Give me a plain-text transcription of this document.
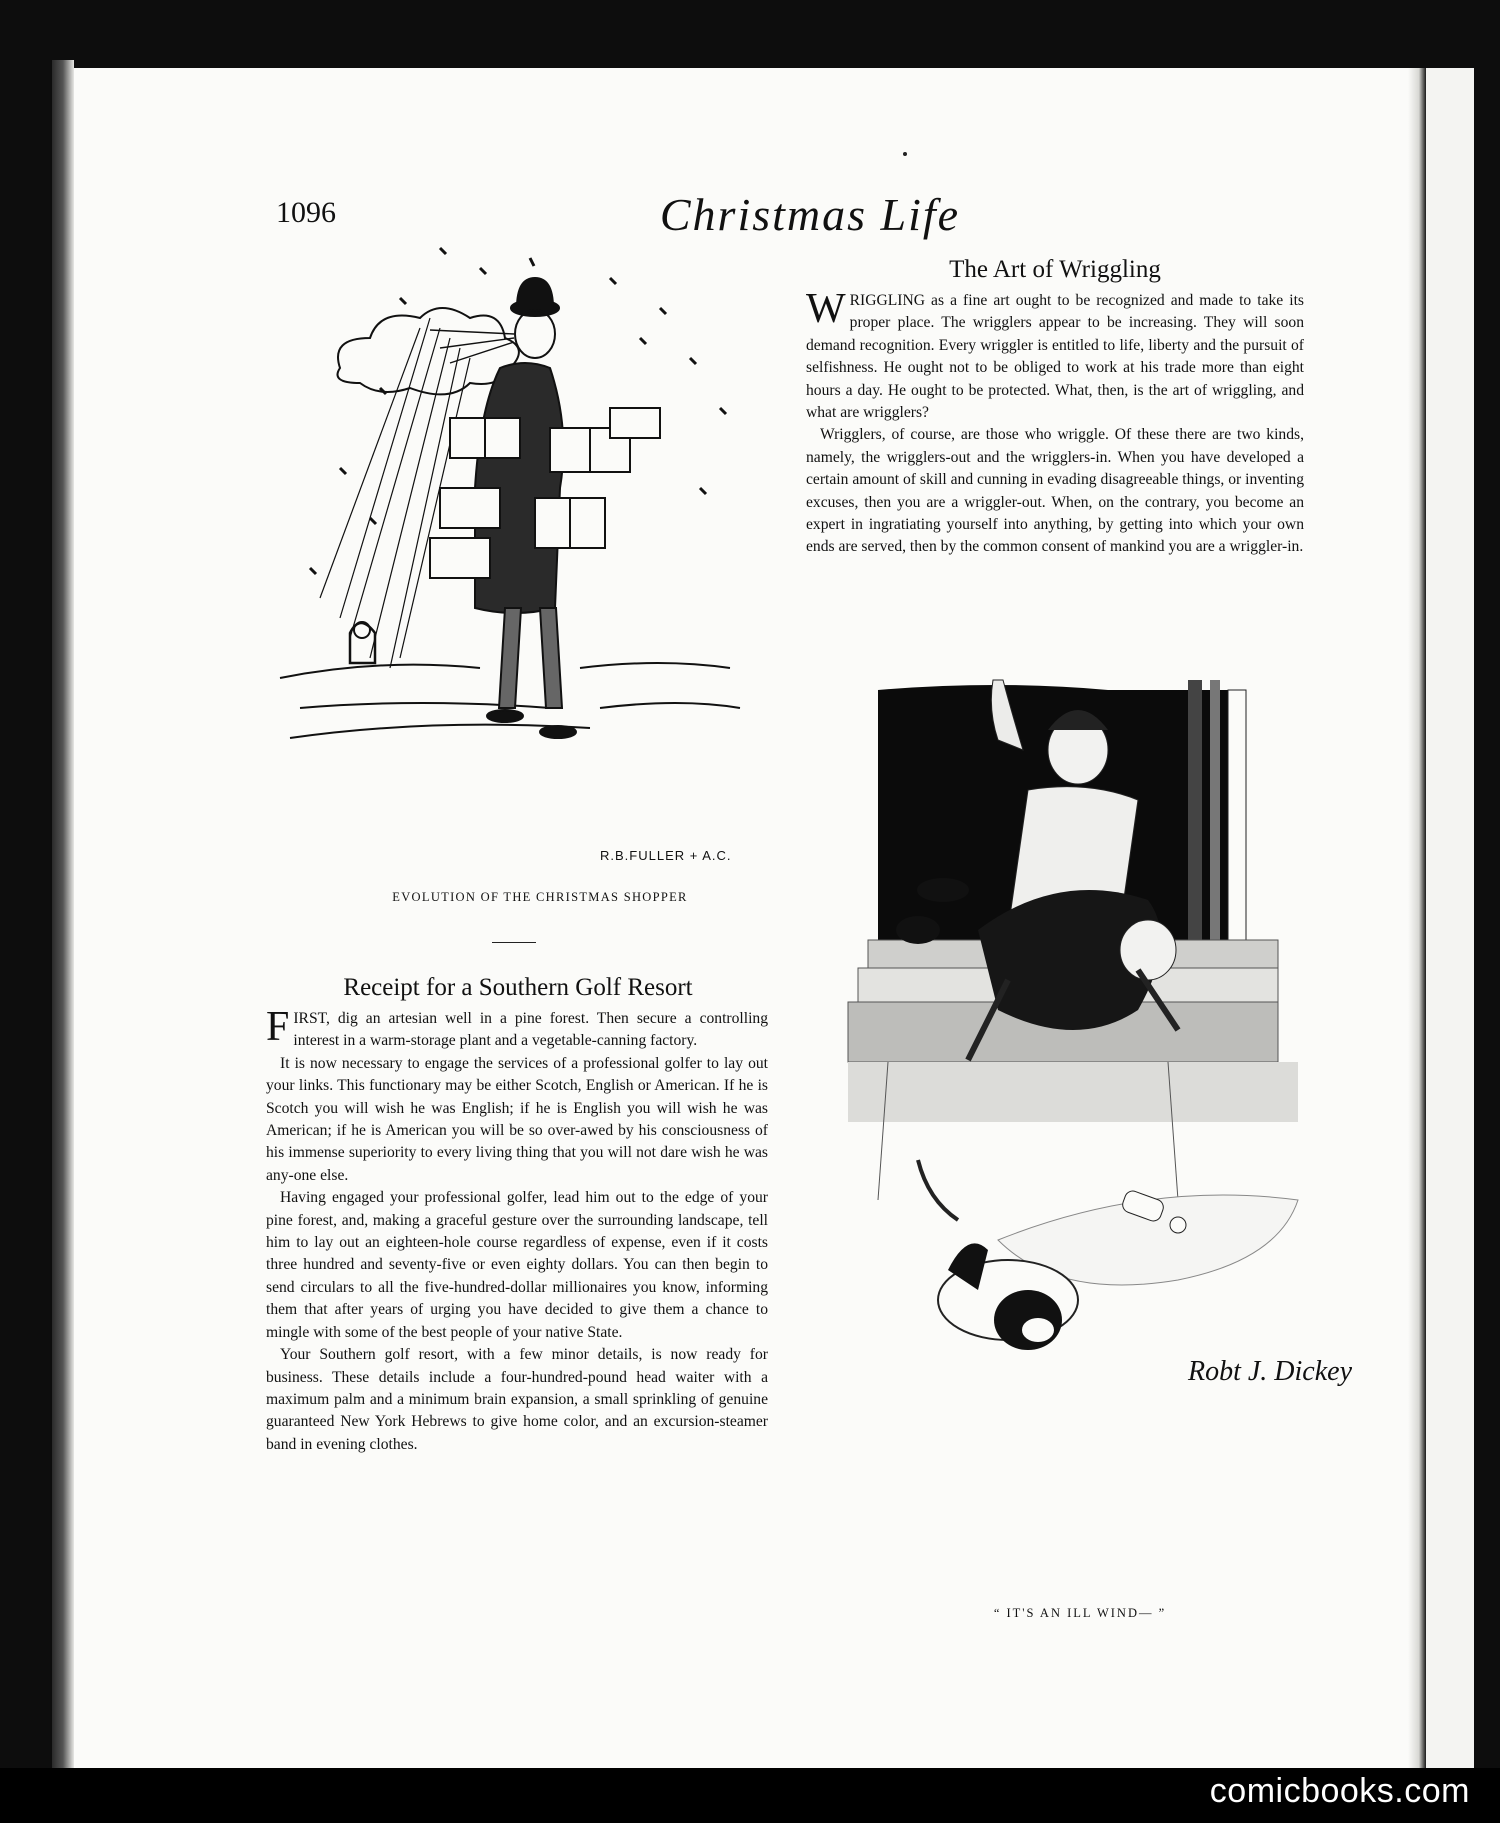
1096	Christmas Life
EVOLUTION OF THE CHRISTMAS SHOPPER
The Art of Wriggling

WRIGGLING as a fine art ought to be recognized and made to take its proper place. The wrigglers appear to be increasing. They will soon demand recognition. Every wriggler is entitled to life, liberty and the pursuit of selfishness. He ought not to be obliged to work at his trade more than eight hours a day. He ought to be protected. What, then, is the art of wriggling, and what are wrigglers?

Wrigglers, of course, are those who wriggle. Of these there are two kinds, namely, the wrigglers-out and the wrigglers-in. When you have developed a certain amount of skill and cunning in evading disagreeable things, or inventing excuses, then you are a wriggler-out. When, on the contrary, you become an expert in ingratiating yourself into anything, by getting into which your own ends are served, then by the common consent of mankind you are a wriggler-in.

Robt J. Dickey
“ IT'S AN ILL WIND— ”
Receipt for a Southern Golf Resort

FIRST, dig an artesian well in a pine forest. Then secure a controlling interest in a warm-storage plant and a vegetable-canning factory.

It is now necessary to engage the services of a professional golfer to lay out your links. This functionary may be either Scotch, English or American. If he is Scotch you will wish he was English; if he is English you will wish he was American; if he is American you will be so over-awed by his consciousness of his immense superiority to every living thing that you will not dare wish he was any-one else.

Having engaged your professional golfer, lead him out to the edge of your pine forest, and, making a graceful gesture over the surrounding landscape, tell him to lay out an eighteen-hole course regardless of expense, even if it costs three hundred and seventy-five or even eighty dollars. You can then begin to send circulars to all the five-hundred-dollar millionaires you know, informing them that after years of urging you have decided to give them a chance to mingle with some of the best people of your native State.

Your Southern golf resort, with a few minor details, is now ready for business. These details include a four-hundred-pound head waiter with a maximum palm and a minimum brain expansion, a small sprinkling of genuine guaranteed New York Hebrews to give home color, and an excursion-steamer band in evening clothes.

comicbooks.com
R.B.FULLER + A.C.
